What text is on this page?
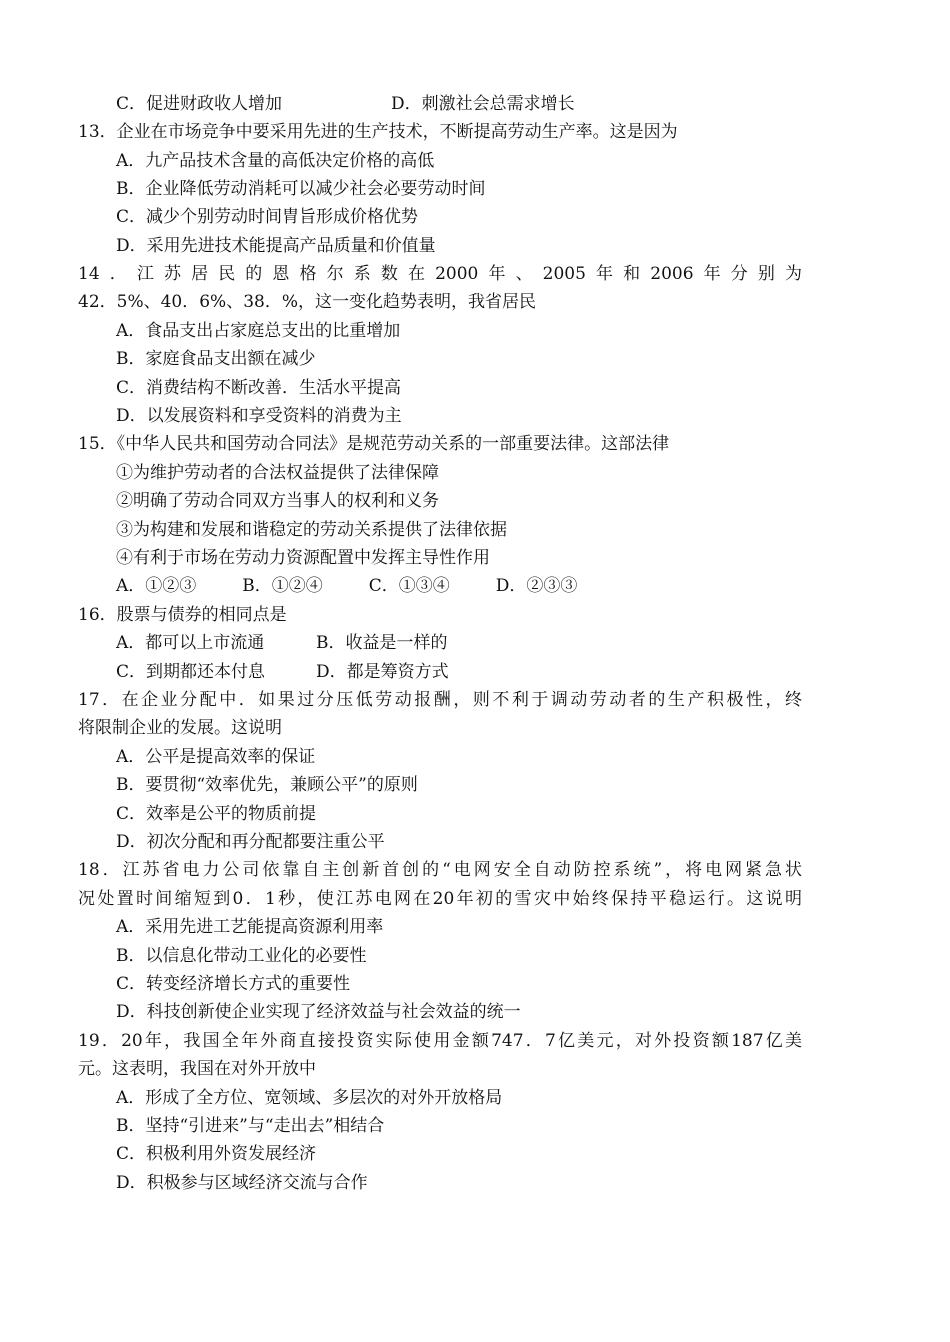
C．促进财政收人增加	D．刺激社会总需求增长
13．企业在市场竞争中要采用先进的生产技术，不断提高劳动生产率。这是因为
A．九产品技术含量的高低决定价格的高低
B．企业降低劳动消耗可以减少社会必要劳动时间
C．减少个别劳动时间胄旨形成价格优势
D．采用先进技术能提高产品质量和价值量
14．江苏居民的恩格尔系数在2000年、2005年和2006年分别为
42．5%、40．6%、38．%，这一变化趋势表明，我省居民
A．食品支出占家庭总支出的比重增加
B．家庭食品支出额在减少
C．消费结构不断改善．生活水平提高
D．以发展资料和享受资料的消费为主
15．《中华人民共和国劳动合同法》是规范劳动关系的一部重要法律。这部法律
①为维护劳动者的合法权益提供了法律保障
②明确了劳动合同双方当事人的权利和义务
③为构建和发展和谐稳定的劳动关系提供了法律依据
④有利于市场在劳动力资源配置中发挥主导性作用
A．①②③	B．①②④	C．①③④	D．②③③
16．股票与债券的相同点是
A．都可以上市流通	B．收益是一样的
C．到期都还本付息	D．都是筹资方式
17．在企业分配中．如果过分压低劳动报酬，则不利于调动劳动者的生产积极性，终
将限制企业的发展。这说明
A．公平是提高效率的保证
B．要贯彻“效率优先，兼顾公平”的原则
C．效率是公平的物质前提
D．初次分配和再分配都要注重公平
18．江苏省电力公司依靠自主创新首创的“电网安全自动防控系统”，将电网紧急状
况处置时间缩短到0．1秒，使江苏电网在20年初的雪灾中始终保持平稳运行。这说明
A．采用先进工艺能提高资源利用率
B．以信息化带动工业化的必要性
C．转变经济增长方式的重要性
D．科技创新使企业实现了经济效益与社会效益的统一
19．20年，我国全年外商直接投资实际使用金额747．7亿美元，对外投资额187亿美
元。这表明，我国在对外开放中
A．形成了全方位、宽领域、多层次的对外开放格局
B．坚持“引进来”与“走出去”相结合
C．积极利用外资发展经济
D．积极参与区域经济交流与合作
